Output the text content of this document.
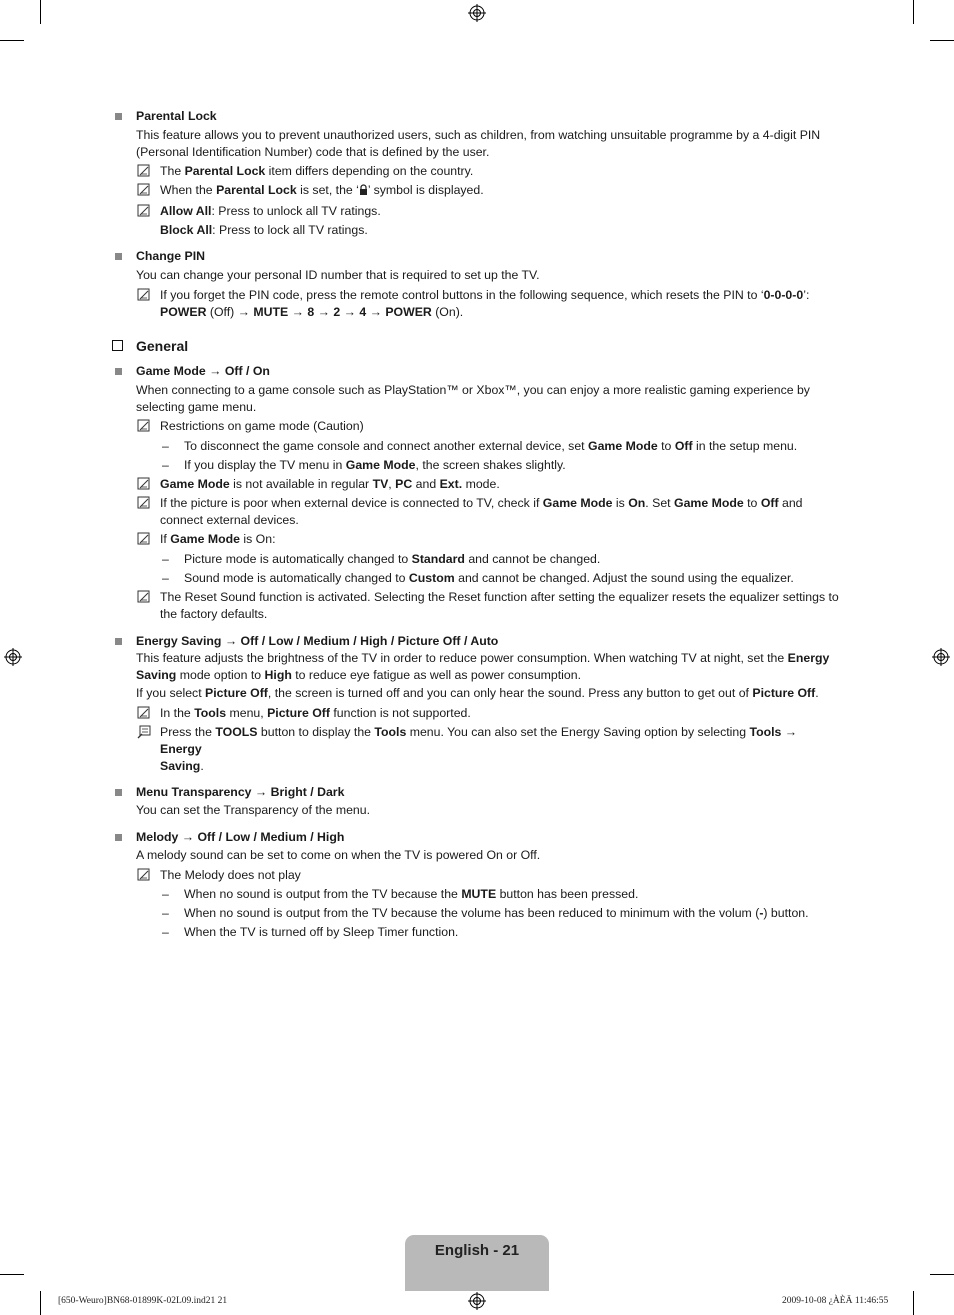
Parental Lock
This feature allows you to prevent unauthorized users, such as children, from watching unsuitable programme by a 4-digit PIN (Personal Identification Number) code that is defined by the user.
The Parental Lock item differs depending on the country.
When the Parental Lock is set, the ‘ ’ symbol is displayed.
Allow All: Press to unlock all TV ratings.
Block All: Press to lock all TV ratings.
Change PIN
You can change your personal ID number that is required to set up the TV.
If you forget the PIN code, press the remote control buttons in the following sequence, which resets the PIN to ‘0-0-0-0’:
POWER (Off) → MUTE → 8 → 2 → 4 → POWER (On).
General
Game Mode → Off / On
When connecting to a game console such as PlayStation™ or Xbox™, you can enjoy a more realistic gaming experience by selecting game menu.
Restrictions on game mode (Caution)
– To disconnect the game console and connect another external device, set Game Mode to Off in the setup menu.
– If you display the TV menu in Game Mode, the screen shakes slightly.
Game Mode is not available in regular TV, PC and Ext. mode.
If the picture is poor when external device is connected to TV, check if Game Mode is On. Set Game Mode to Off and
connect external devices.
If Game Mode is On:
– Picture mode is automatically changed to Standard and cannot be changed.
– Sound mode is automatically changed to Custom and cannot be changed. Adjust the sound using the equalizer.
The Reset Sound function is activated. Selecting the Reset function after setting the equalizer resets the equalizer settings to the factory defaults.
Energy Saving → Off / Low / Medium / High / Picture Off / Auto
This feature adjusts the brightness of the TV in order to reduce power consumption. When watching TV at night, set the Energy
Saving mode option to High to reduce eye fatigue as well as power consumption.
If you select Picture Off, the screen is turned off and you can only hear the sound. Press any button to get out of Picture Off.
In the Tools menu, Picture Off function is not supported.
Press the TOOLS button to display the Tools menu. You can also set the Energy Saving option by selecting Tools → Energy
Saving.
Menu Transparency → Bright / Dark
You can set the Transparency of the menu.
Melody → Off / Low / Medium / High
A melody sound can be set to come on when the TV is powered On or Off.
The Melody does not play
– When no sound is output from the TV because the MUTE button has been pressed.
– When no sound is output from the TV because the volume has been reduced to minimum with the volum (-) button.
– When the TV is turned off by Sleep Timer function.
English - 21
[650-Weuro]BN68-01899K-02L09.ind21 21	2009-10-08 ¿ÀÈÄ 11:46:55
